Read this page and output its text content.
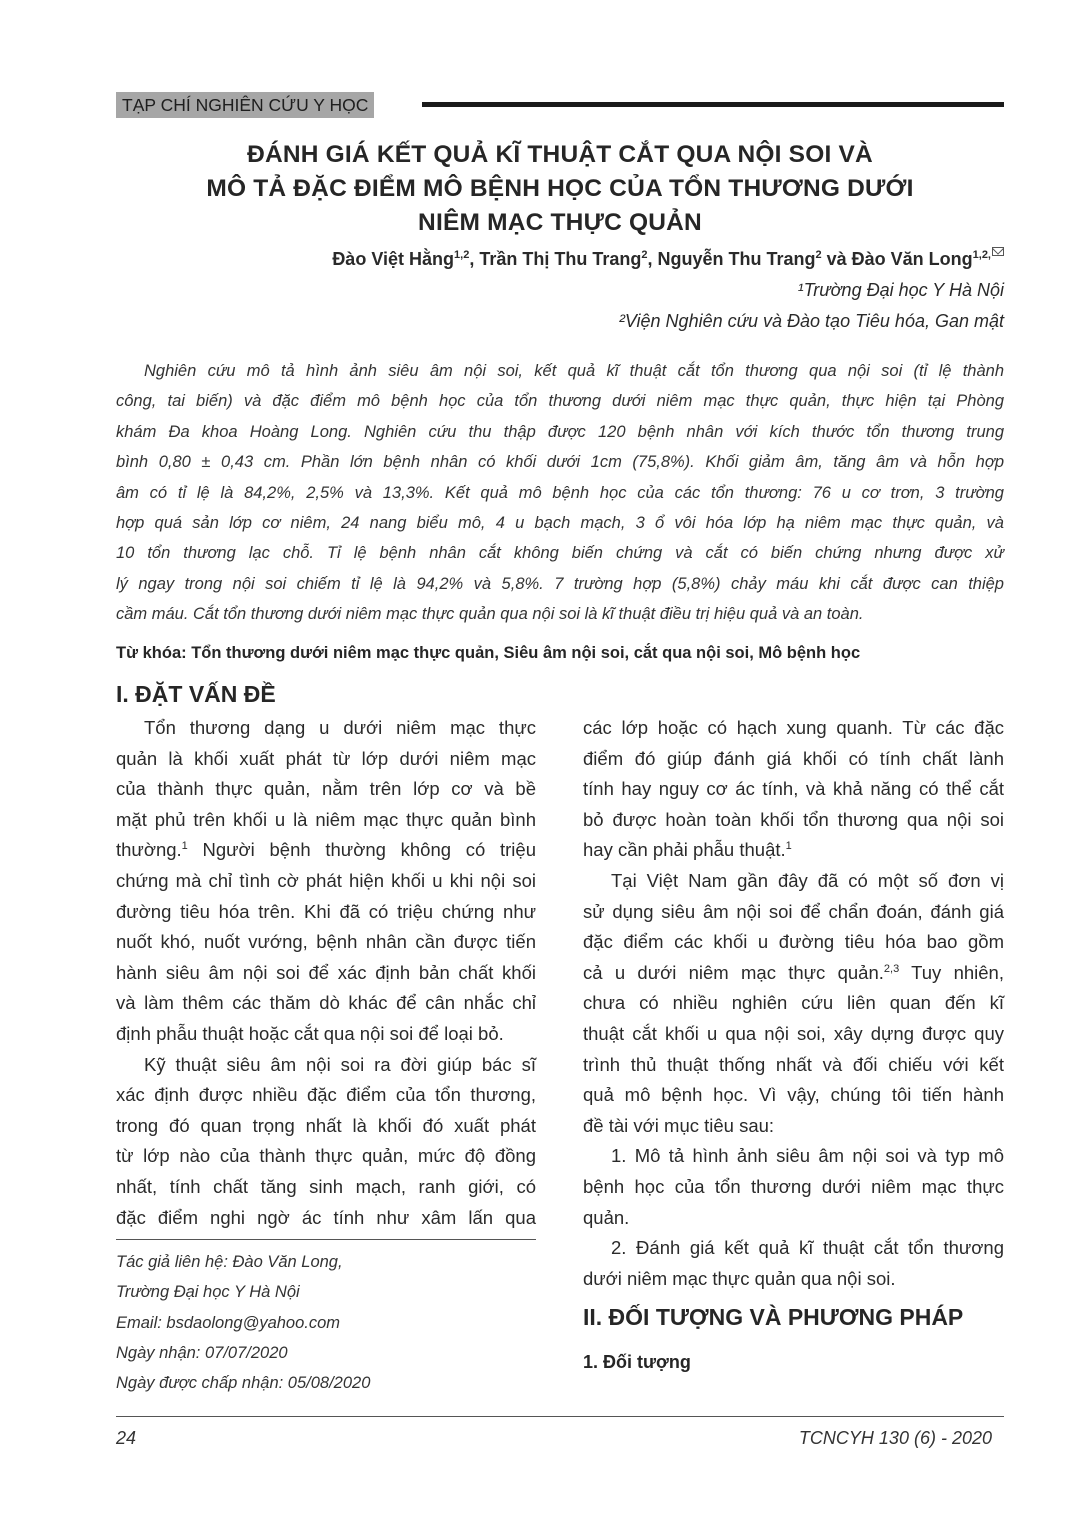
TẠP CHÍ NGHIÊN CỨU Y HỌC
ĐÁNH GIÁ KẾT QUẢ KĨ THUẬT CẮT QUA NỘI SOI VÀ
MÔ TẢ ĐẶC ĐIỂM MÔ BỆNH HỌC CỦA TỔN THƯƠNG DƯỚI
NIÊM MẠC THỰC QUẢN
Đào Việt Hằng$^{1,2}$, Trần Thị Thu Trang$^2$, Nguyễn Thu Trang$^2$ và Đào Văn Long$^{1,2,}$
¹Trường Đại học Y Hà Nội
²Viện Nghiên cứu và Đào tạo Tiêu hóa, Gan mật
Nghiên cứu mô tả hình ảnh siêu âm nội soi, kết quả kĩ thuật cắt tổn thương qua nội soi (tỉ lệ thành
công, tai biến) và đặc điểm mô bệnh học của tổn thương dưới niêm mạc thực quản, thực hiện tại Phòng
khám Đa khoa Hoàng Long. Nghiên cứu thu thập được 120 bệnh nhân với kích thước tổn thương trung
bình 0,80 ± 0,43 cm. Phần lớn bệnh nhân có khối dưới 1cm (75,8%). Khối giảm âm, tăng âm và hỗn hợp
âm có tỉ lệ là 84,2%, 2,5% và 13,3%. Kết quả mô bệnh học của các tổn thương: 76 u cơ trơn, 3 trường
hợp quá sản lớp cơ niêm, 24 nang biểu mô, 4 u bạch mạch, 3 ổ vôi hóa lớp hạ niêm mạc thực quản, và
10 tổn thương lạc chỗ. Tỉ lệ bệnh nhân cắt không biến chứng và cắt có biến chứng nhưng được xử
lý ngay trong nội soi chiếm tỉ lệ là 94,2% và 5,8%. 7 trường hợp (5,8%) chảy máu khi cắt được can thiệp
cầm máu. Cắt tổn thương dưới niêm mạc thực quản qua nội soi là kĩ thuật điều trị hiệu quả và an toàn.
Từ khóa: Tổn thương dưới niêm mạc thực quản, Siêu âm nội soi, cắt qua nội soi, Mô bệnh học
I. ĐẶT VẤN ĐỀ
Tổn thương dạng u dưới niêm mạc thực
quản là khối xuất phát từ lớp dưới niêm mạc
của thành thực quản, nằm trên lớp cơ và bề
mặt phủ trên khối u là niêm mạc thực quản bình
thường.$^1$ Người bệnh thường không có triệu
chứng mà chỉ tình cờ phát hiện khối u khi nội soi
đường tiêu hóa trên. Khi đã có triệu chứng như
nuốt khó, nuốt vướng, bệnh nhân cần được tiến
hành siêu âm nội soi để xác định bản chất khối
và làm thêm các thăm dò khác để cân nhắc chỉ
định phẫu thuật hoặc cắt qua nội soi để loại bỏ.
Kỹ thuật siêu âm nội soi ra đời giúp bác sĩ
xác định được nhiều đặc điểm của tổn thương,
trong đó quan trọng nhất là khối đó xuất phát
từ lớp nào của thành thực quản, mức độ đồng
nhất, tính chất tăng sinh mạch, ranh giới, có
đặc điểm nghi ngờ ác tính như xâm lấn qua
Tác giả liên hệ: Đào Văn Long,
Trường Đại học Y Hà Nội
Email: bsdaolong@yahoo.com
Ngày nhận: 07/07/2020
Ngày được chấp nhận: 05/08/2020
các lớp hoặc có hạch xung quanh. Từ các đặc
điểm đó giúp đánh giá khối có tính chất lành
tính hay nguy cơ ác tính, và khả năng có thể cắt
bỏ được hoàn toàn khối tổn thương qua nội soi
hay cần phải phẫu thuật.$^1$
Tại Việt Nam gần đây đã có một số đơn vị
sử dụng siêu âm nội soi để chẩn đoán, đánh giá
đặc điểm các khối u đường tiêu hóa bao gồm
cả u dưới niêm mạc thực quản.$^{2,3}$ Tuy nhiên,
chưa có nhiều nghiên cứu liên quan đến kĩ
thuật cắt khối u qua nội soi, xây dựng được quy
trình thủ thuật thống nhất và đối chiếu với kết
quả mô bệnh học. Vì vậy, chúng tôi tiến hành
đề tài với mục tiêu sau:
1. Mô tả hình ảnh siêu âm nội soi và typ mô
bệnh học của tổn thương dưới niêm mạc thực
quản.
2. Đánh giá kết quả kĩ thuật cắt tổn thương
dưới niêm mạc thực quản qua nội soi.
II. ĐỐI TƯỢNG VÀ PHƯƠNG PHÁP
1. Đối tượng
24	TCNCYH 130 (6) - 2020
